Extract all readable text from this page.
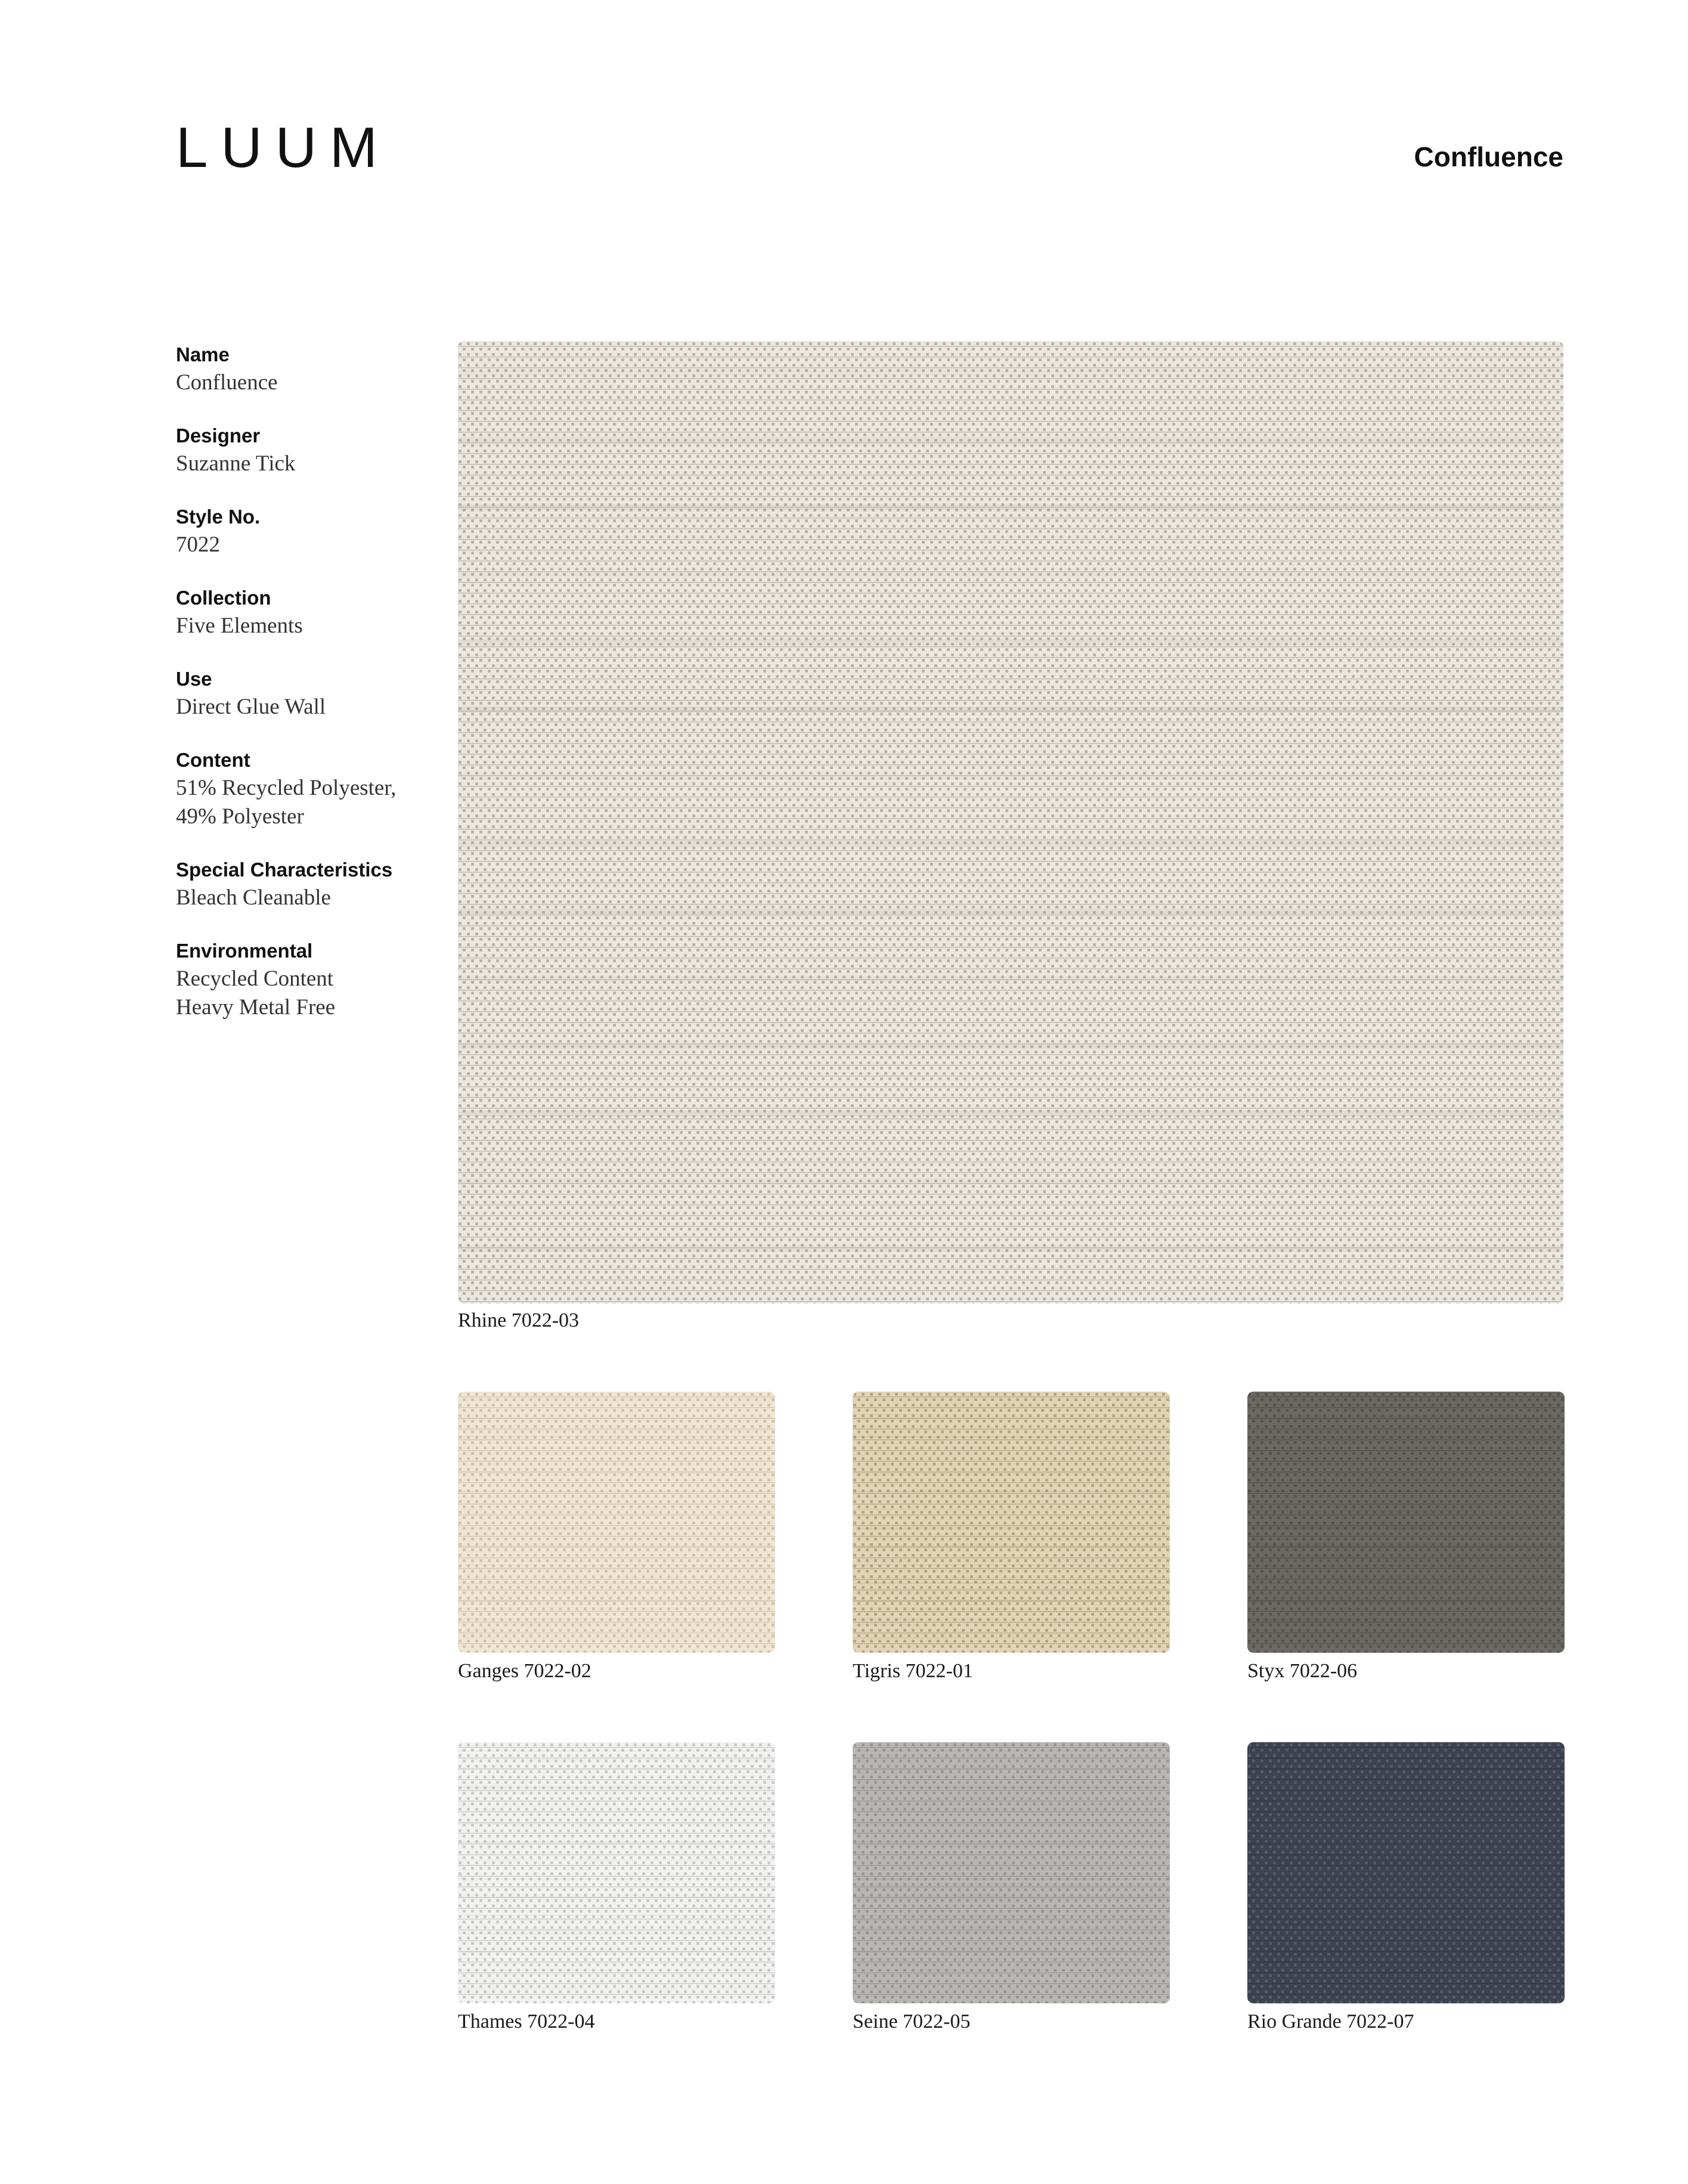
LUUM	Confluence
Name
Confluence
Designer
Suzanne Tick
Style No.
7022
Collection
Five Elements
Use
Direct Glue Wall
Content
51% Recycled Polyester,
49% Polyester
Special Characteristics
Bleach Cleanable
Environmental
Recycled Content
Heavy Metal Free
Rhine 7022-03
Ganges 7022-02	Tigris 7022-01	Styx 7022-06
Thames 7022-04	Seine 7022-05	Rio Grande 7022-07
